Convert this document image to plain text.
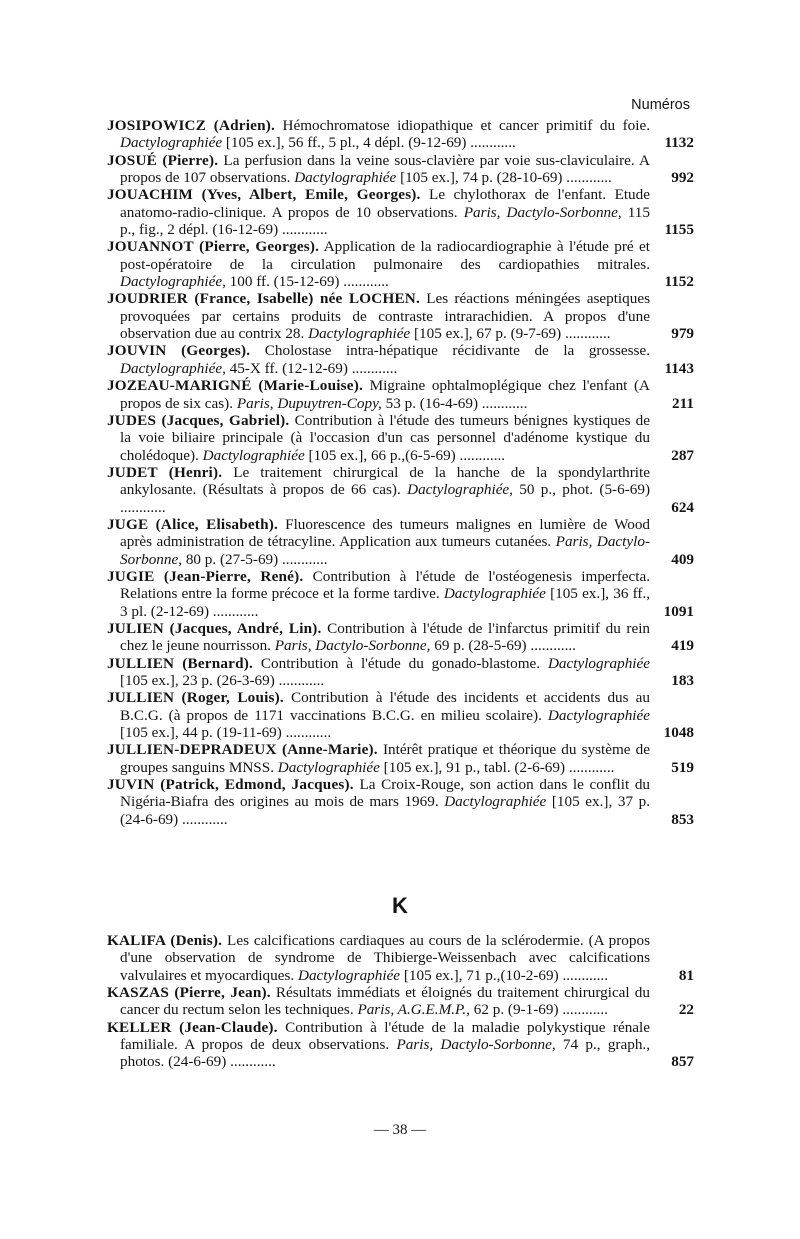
Numéros
JOSIPOWICZ (Adrien). Hémochromatose idiopathique et cancer primitif du foie. Dactylographiée [105 ex.], 56 ff., 5 pl., 4 dépl. (9-12-69) ............	1132
JOSUÉ (Pierre). La perfusion dans la veine sous-clavière par voie sus-claviculaire. A propos de 107 observations. Dactylographiée [105 ex.], 74 p. (28-10-69) ............	992
JOUACHIM (Yves, Albert, Emile, Georges). Le chylothorax de l'enfant. Etude anatomo-radio-clinique. A propos de 10 observations. Paris, Dactylo-Sorbonne, 115 p., fig., 2 dépl. (16-12-69) ............	1155
JOUANNOT (Pierre, Georges). Application de la radiocardiographie à l'étude pré et post-opératoire de la circulation pulmonaire des cardiopathies mitrales. Dactylographiée, 100 ff. (15-12-69) ............	1152
JOUDRIER (France, Isabelle) née LOCHEN. Les réactions méningées aseptiques provoquées par certains produits de contraste intrarachidien. A propos d'une observation due au contrix 28. Dactylographiée [105 ex.], 67 p. (9-7-69) ............	979
JOUVIN (Georges). Cholostase intra-hépatique récidivante de la grossesse. Dactylographiée, 45-X ff. (12-12-69) ............	1143
JOZEAU-MARIGNÉ (Marie-Louise). Migraine ophtalmoplégique chez l'enfant (A propos de six cas). Paris, Dupuytren-Copy, 53 p. (16-4-69) ............	211
JUDES (Jacques, Gabriel). Contribution à l'étude des tumeurs bénignes kystiques de la voie biliaire principale (à l'occasion d'un cas personnel d'adénome kystique du cholédoque). Dactylographiée [105 ex.], 66 p.,(6-5-69) ............	287
JUDET (Henri). Le traitement chirurgical de la hanche de la spondylarthrite ankylosante. (Résultats à propos de 66 cas). Dactylographiée, 50 p., phot. (5-6-69) ............	624
JUGE (Alice, Elisabeth). Fluorescence des tumeurs malignes en lumière de Wood après administration de tétracyline. Application aux tumeurs cutanées. Paris, Dactylo-Sorbonne, 80 p. (27-5-69) ............	409
JUGIE (Jean-Pierre, René). Contribution à l'étude de l'ostéogenesis imperfecta. Relations entre la forme précoce et la forme tardive. Dactylographiée [105 ex.], 36 ff., 3 pl. (2-12-69) ............	1091
JULIEN (Jacques, André, Lin). Contribution à l'étude de l'infarctus primitif du rein chez le jeune nourrisson. Paris, Dactylo-Sorbonne, 69 p. (28-5-69) ............	419
JULLIEN (Bernard). Contribution à l'étude du gonado-blastome. Dactylographiée [105 ex.], 23 p. (26-3-69) ............	183
JULLIEN (Roger, Louis). Contribution à l'étude des incidents et accidents dus au B.C.G. (à propos de 1171 vaccinations B.C.G. en milieu scolaire). Dactylographiée [105 ex.], 44 p. (19-11-69) ............	1048
JULLIEN-DEPRADEUX (Anne-Marie). Intérêt pratique et théorique du système de groupes sanguins MNSS. Dactylographiée [105 ex.], 91 p., tabl. (2-6-69) ............	519
JUVIN (Patrick, Edmond, Jacques). La Croix-Rouge, son action dans le conflit du Nigéria-Biafra des origines au mois de mars 1969. Dactylographiée [105 ex.], 37 p. (24-6-69) ............	853
K
KALIFA (Denis). Les calcifications cardiaques au cours de la sclérodermie. (A propos d'une observation de syndrome de Thibierge-Weissenbach avec calcifications valvulaires et myocardiques. Dactylographiée [105 ex.], 71 p.,(10-2-69) ............	81
KASZAS (Pierre, Jean). Résultats immédiats et éloignés du traitement chirurgical du cancer du rectum selon les techniques. Paris, A.G.E.M.P., 62 p. (9-1-69) ............	22
KELLER (Jean-Claude). Contribution à l'étude de la maladie polykystique rénale familiale. A propos de deux observations. Paris, Dactylo-Sorbonne, 74 p., graph., photos. (24-6-69) ............	857
— 38 —
